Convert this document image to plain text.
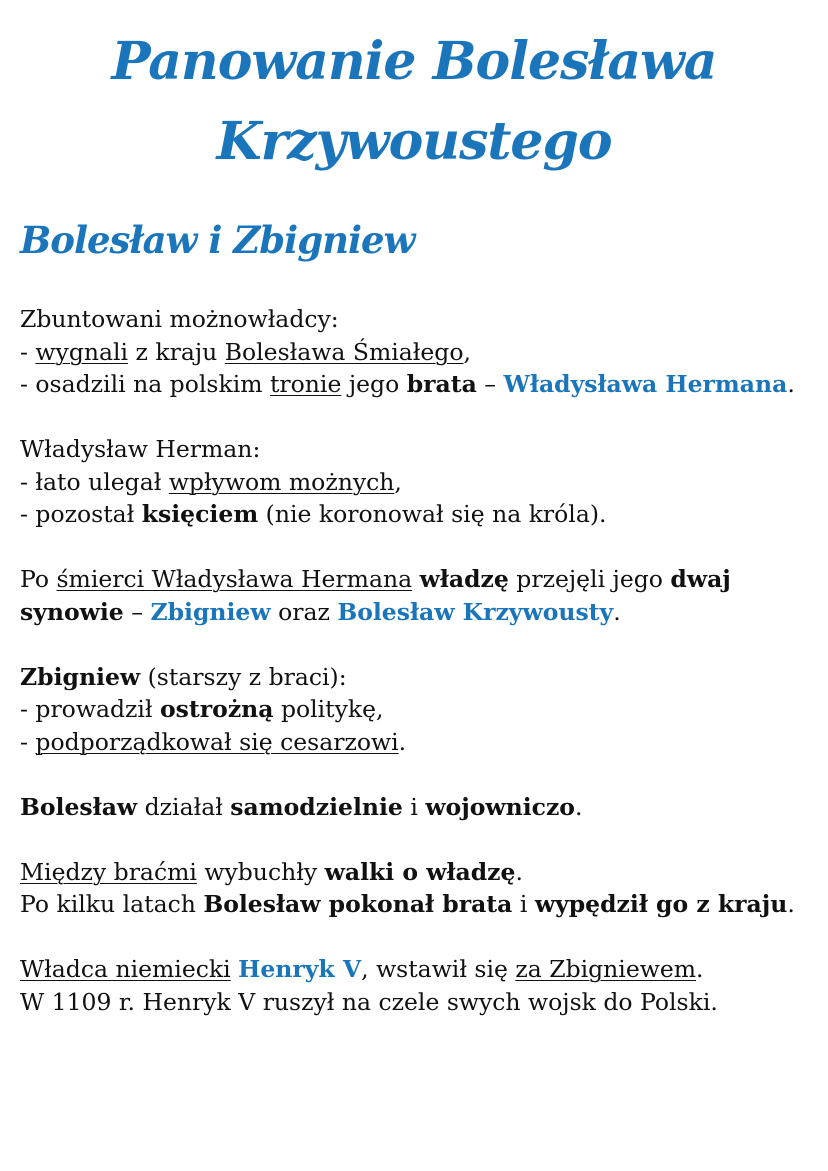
Panowanie Bolesława
Krzywoustego
Bolesław i Zbigniew

Zbuntowani możnowładcy:
- wygnali z kraju Bolesława Śmiałego,
- osadzili na polskim tronie jego brata – Władysława Hermana.

Władysław Herman:
- łato ulegał wpływom możnych,
- pozostał księciem (nie koronował się na króla).

Po śmierci Władysława Hermana władzę przejęli jego dwaj synowie – Zbigniew oraz Bolesław Krzywousty.

Zbigniew (starszy z braci):
- prowadził ostrożną politykę,
- podporządkował się cesarzowi.

Bolesław działał samodzielnie i wojowniczo.

Między braćmi wybuchły walki o władzę.
Po kilku latach Bolesław pokonał brata i wypędził go z kraju.

Władca niemiecki Henryk V, wstawił się za Zbigniewem.
W 1109 r. Henryk V ruszył na czele swych wojsk do Polski.
